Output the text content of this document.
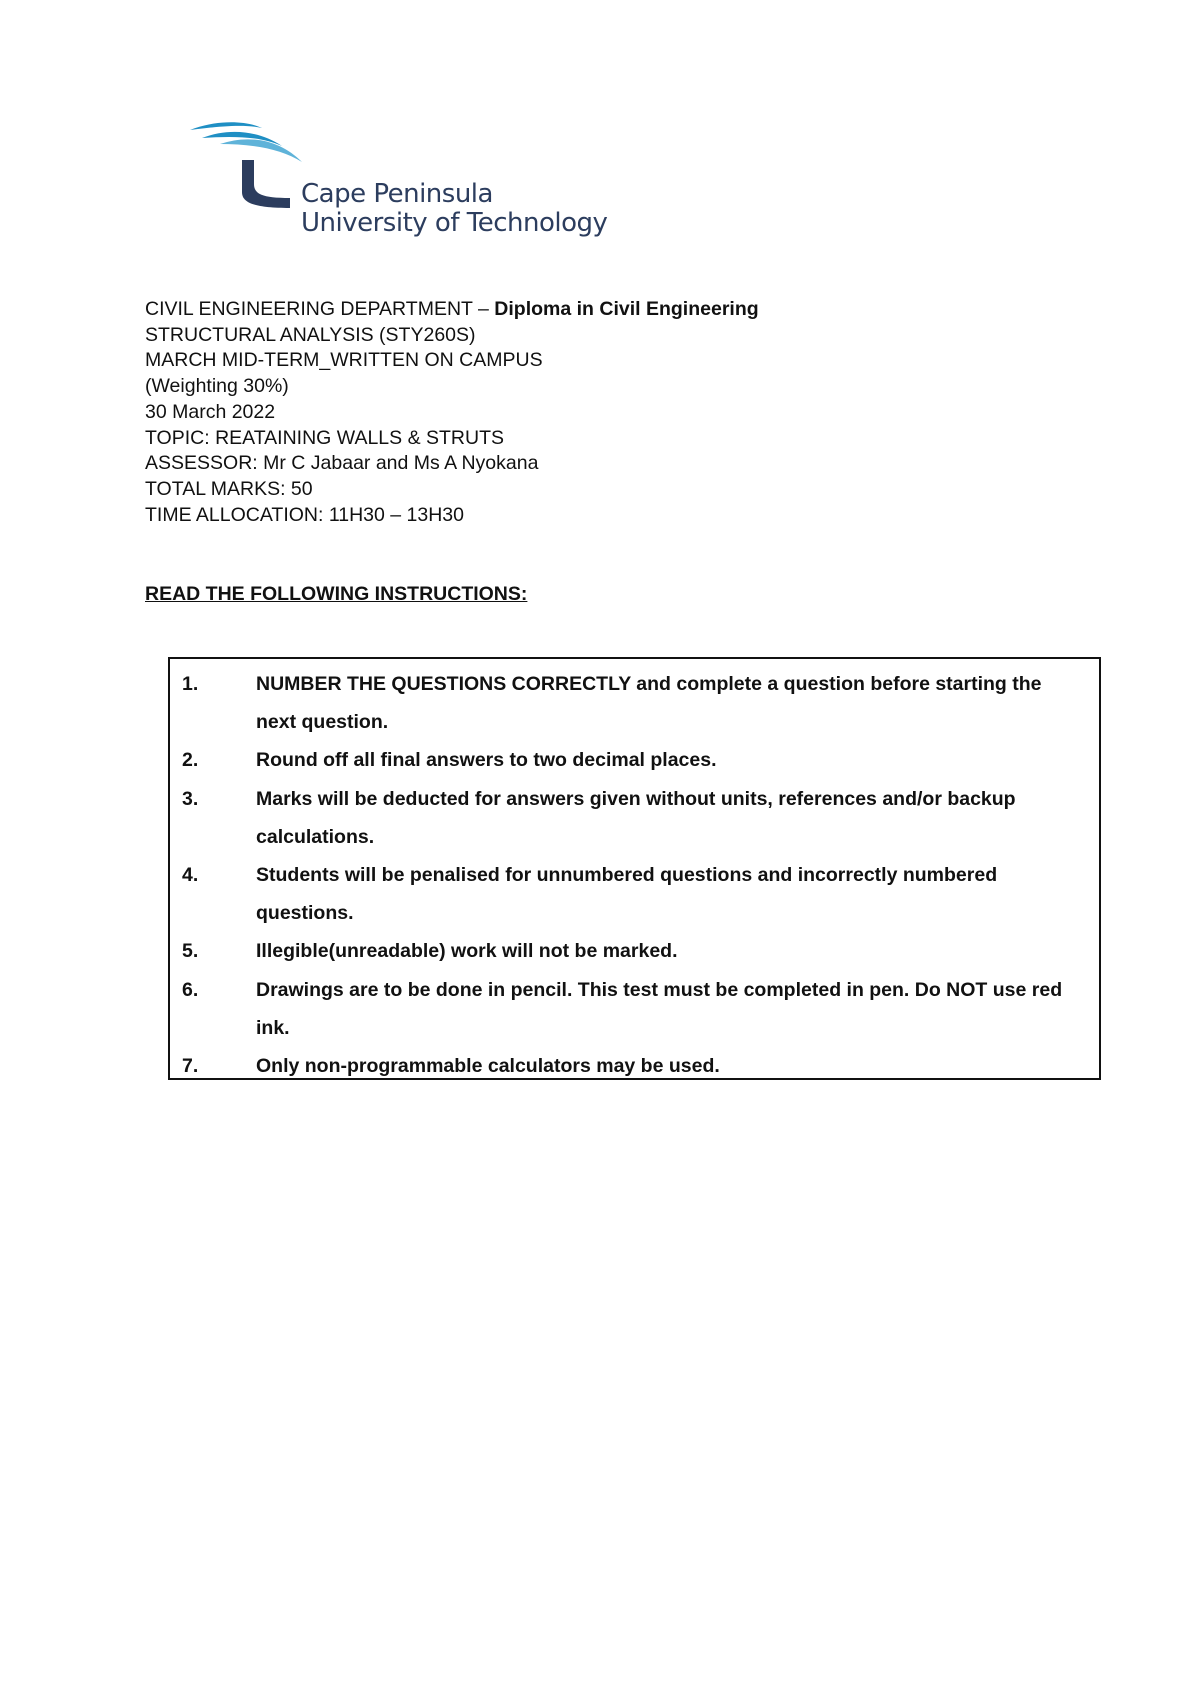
Cape Peninsula
University of Technology
CIVIL ENGINEERING DEPARTMENT – Diploma in Civil Engineering
STRUCTURAL ANALYSIS (STY260S)
MARCH MID-TERM_WRITTEN ON CAMPUS
(Weighting 30%)
30 March 2022
TOPIC: REATAINING WALLS & STRUTS
ASSESSOR: Mr C Jabaar and Ms A Nyokana
TOTAL MARKS: 50
TIME ALLOCATION: 11H30 – 13H30
READ THE FOLLOWING INSTRUCTIONS:
1.	NUMBER THE QUESTIONS CORRECTLY and complete a question before starting the next question.
2.	Round off all final answers to two decimal places.
3.	Marks will be deducted for answers given without units, references and/or backup calculations.
4.	Students will be penalised for unnumbered questions and incorrectly numbered questions.
5.	Illegible(unreadable) work will not be marked.
6.	Drawings are to be done in pencil. This test must be completed in pen. Do NOT use red ink.
7.	Only non-programmable calculators may be used.
